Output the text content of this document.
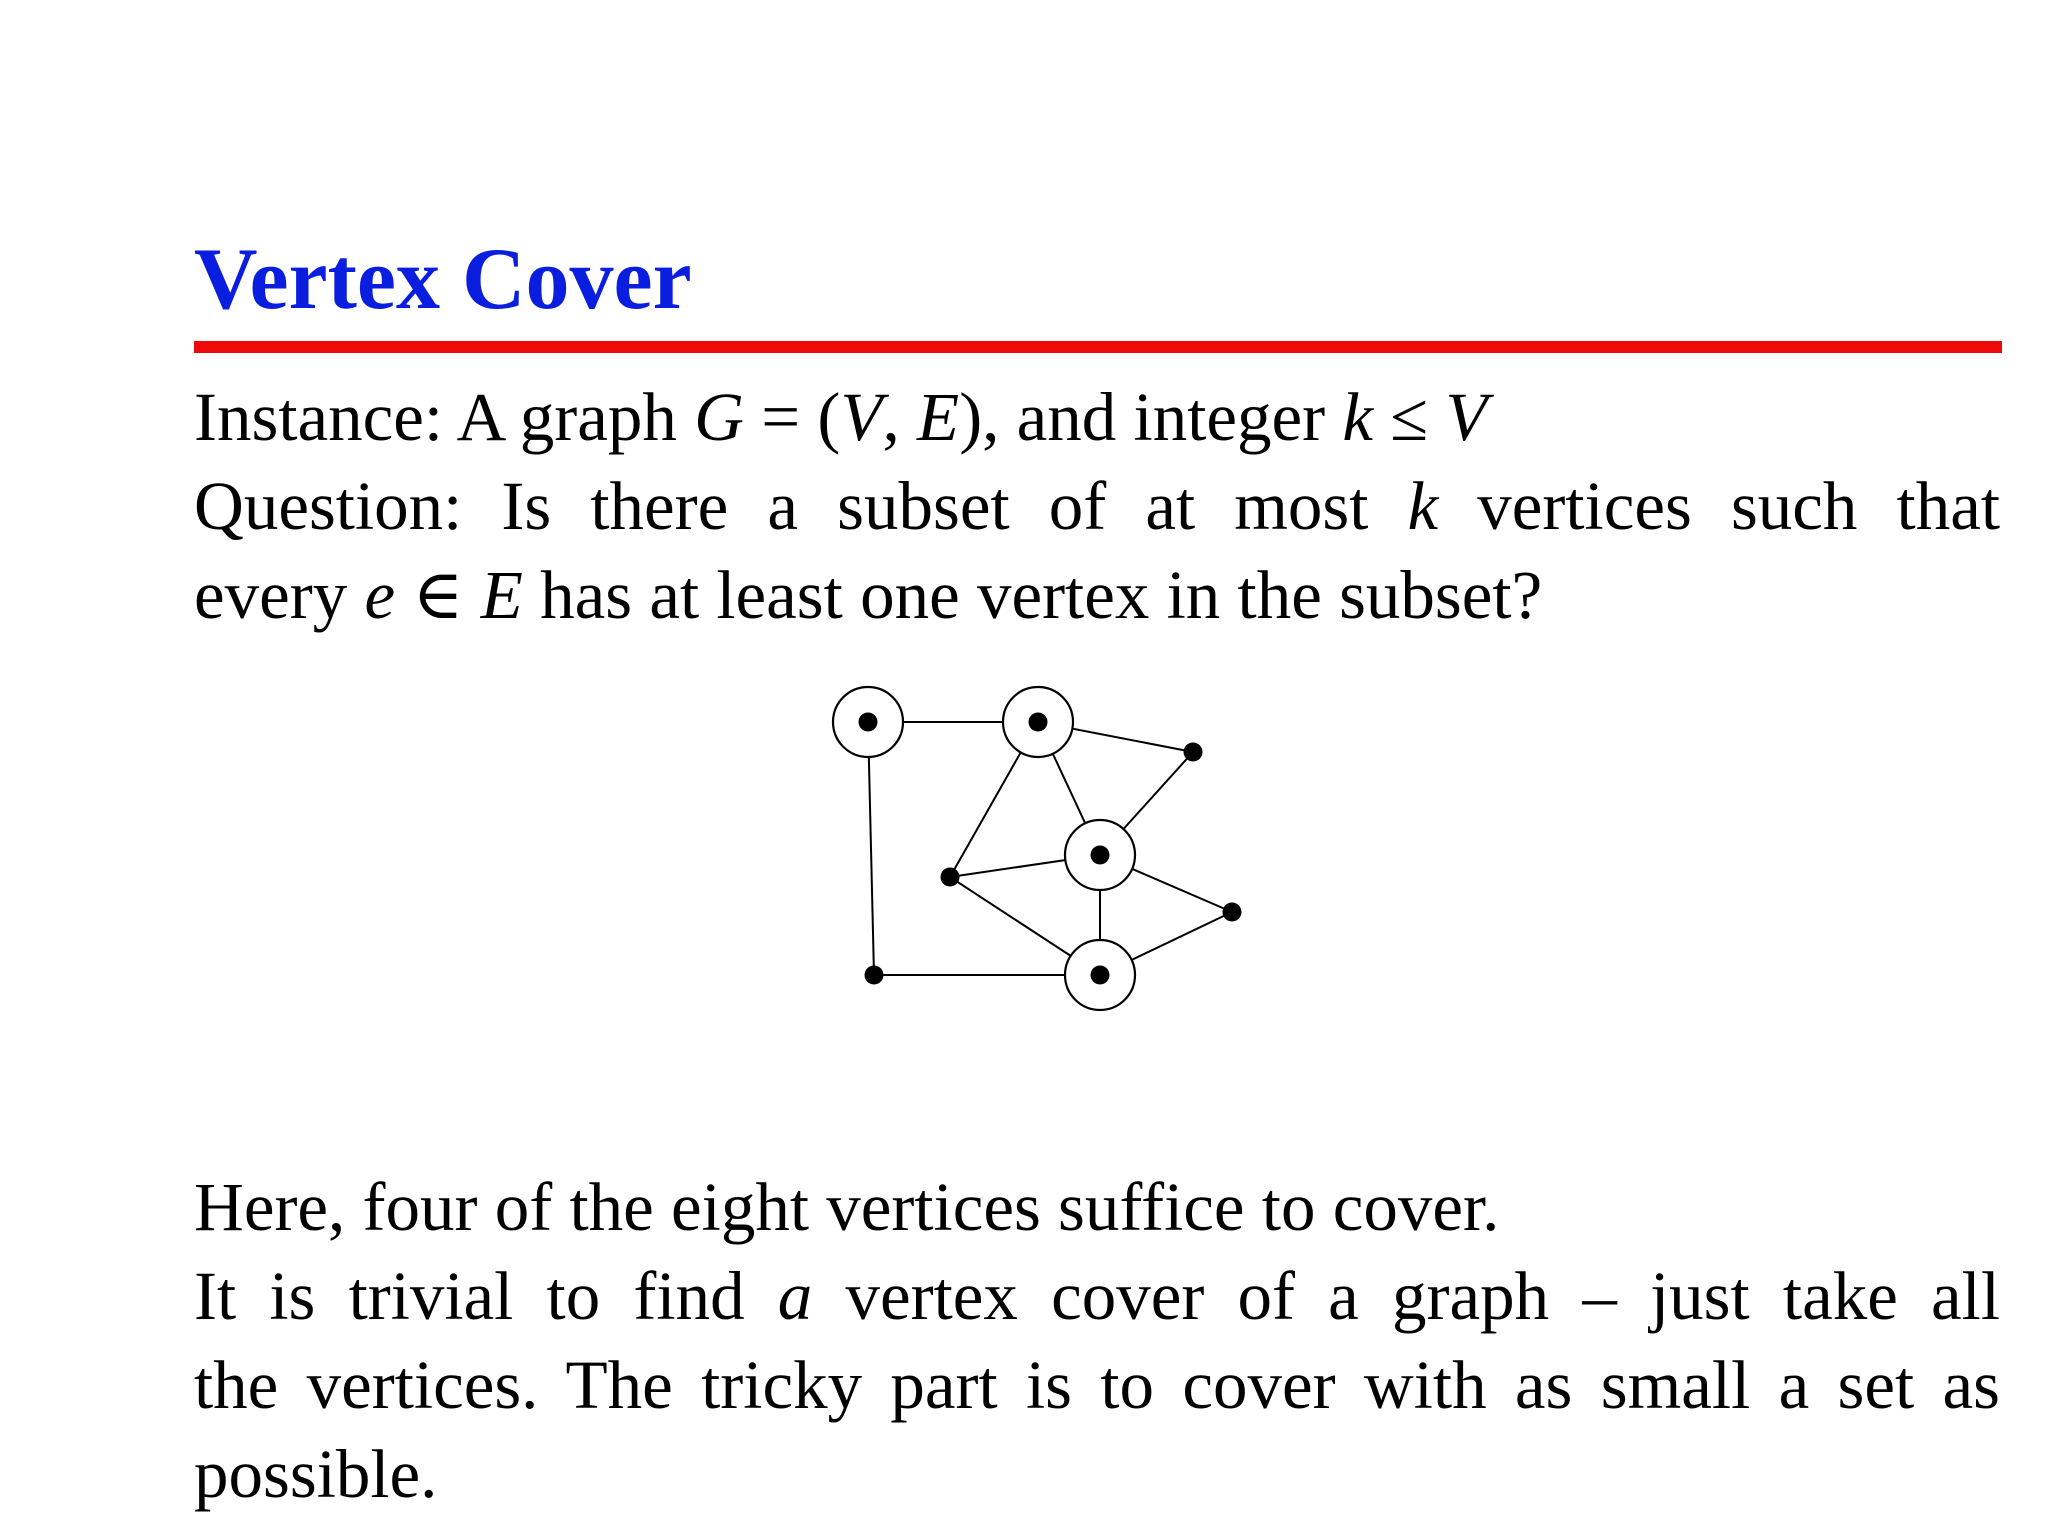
Vertex Cover
Instance: A graph G = (V, E), and integer k ≤ V
Question: Is there a subset of at most k vertices such that
every e ∈ E has at least one vertex in the subset?
Here, four of the eight vertices suffice to cover.
It is trivial to find a vertex cover of a graph – just take all
the vertices. The tricky part is to cover with as small a set as
possible.
